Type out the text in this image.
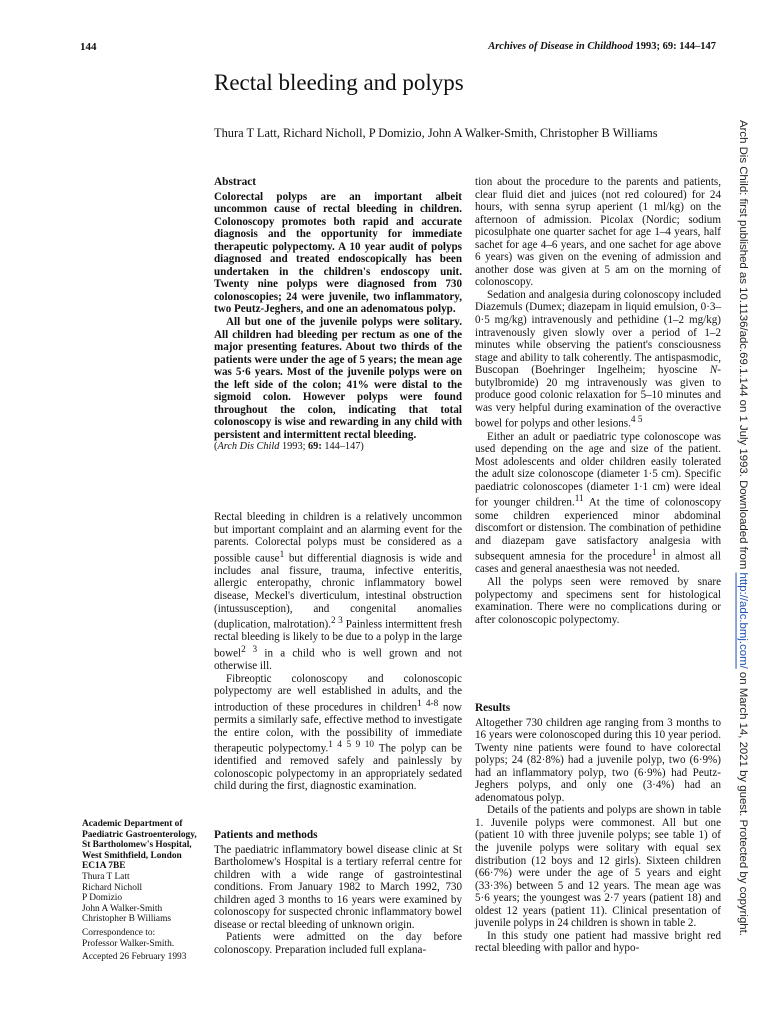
144	Archives of Disease in Childhood 1993; 69: 144–147
Rectal bleeding and polyps
Thura T Latt, Richard Nicholl, P Domizio, John A Walker-Smith, Christopher B Williams
Abstract

Colorectal polyps are an important albeit uncommon cause of rectal bleeding in children. Colonoscopy promotes both rapid and accurate diagnosis and the opportunity for immediate therapeutic polypectomy. A 10 year audit of polyps diagnosed and treated endoscopically has been undertaken in the children's endoscopy unit. Twenty nine polyps were diagnosed from 730 colonoscopies; 24 were juvenile, two inflammatory, two Peutz-Jeghers, and one an adenomatous polyp.

All but one of the juvenile polyps were solitary. All children had bleeding per rectum as one of the major presenting features. About two thirds of the patients were under the age of 5 years; the mean age was 5·6 years. Most of the juvenile polyps were on the left side of the colon; 41% were distal to the sigmoid colon. However polyps were found throughout the colon, indicating that total colonoscopy is wise and rewarding in any child with persistent and intermittent rectal bleeding.

(Arch Dis Child 1993; 69: 144–147)

Rectal bleeding in children is a relatively uncommon but important complaint and an alarming event for the parents. Colorectal polyps must be considered as a possible cause$^1$ but differential diagnosis is wide and includes anal fissure, trauma, infective enteritis, allergic enteropathy, chronic inflammatory bowel disease, Meckel's diverticulum, intestinal obstruction (intussusception), and congenital anomalies (duplication, malrotation).$^{2 3}$ Painless intermittent fresh rectal bleeding is likely to be due to a polyp in the large bowel$^{2 3}$ in a child who is well grown and not otherwise ill.

Fibreoptic colonoscopy and colonoscopic polypectomy are well established in adults, and the introduction of these procedures in children$^{1 4-8}$ now permits a similarly safe, effective method to investigate the entire colon, with the possibility of immediate therapeutic polypectomy.$^{1 4 5 9 10}$ The polyp can be identified and removed safely and painlessly by colonoscopic polypectomy in an appropriately sedated child during the first, diagnostic examination.

Patients and methods

The paediatric inflammatory bowel disease clinic at St Bartholomew's Hospital is a tertiary referral centre for children with a wide range of gastrointestinal conditions. From January 1982 to March 1992, 730 children aged 3 months to 16 years were examined by colonoscopy for suspected chronic inflammatory bowel disease or rectal bleeding of unknown origin.

Patients were admitted on the day before colonoscopy. Preparation included full explana-

tion about the procedure to the parents and patients, clear fluid diet and juices (not red coloured) for 24 hours, with senna syrup aperient (1 ml/kg) on the afternoon of admission. Picolax (Nordic; sodium picosulphate one quarter sachet for age 1–4 years, half sachet for age 4–6 years, and one sachet for age above 6 years) was given on the evening of admission and another dose was given at 5 am on the morning of colonoscopy.

Sedation and analgesia during colonoscopy included Diazemuls (Dumex; diazepam in liquid emulsion, 0·3–0·5 mg/kg) intravenously and pethidine (1–2 mg/kg) intravenously given slowly over a period of 1–2 minutes while observing the patient's consciousness stage and ability to talk coherently. The antispasmodic, Buscopan (Boehringer Ingelheim; hyoscine N-butylbromide) 20 mg intravenously was given to produce good colonic relaxation for 5–10 minutes and was very helpful during examination of the overactive bowel for polyps and other lesions.$^{4 5}$

Either an adult or paediatric type colonoscope was used depending on the age and size of the patient. Most adolescents and older children easily tolerated the adult size colonoscope (diameter 1·5 cm). Specific paediatric colonoscopes (diameter 1·1 cm) were ideal for younger children.$^{11}$ At the time of colonoscopy some children experienced minor abdominal discomfort or distension. The combination of pethidine and diazepam gave satisfactory analgesia with subsequent amnesia for the procedure$^1$ in almost all cases and general anaesthesia was not needed.

All the polyps seen were removed by snare polypectomy and specimens sent for histological examination. There were no complications during or after colonoscopic polypectomy.

Results

Altogether 730 children age ranging from 3 months to 16 years were colonoscoped during this 10 year period. Twenty nine patients were found to have colorectal polyps; 24 (82·8%) had a juvenile polyp, two (6·9%) had an inflammatory polyp, two (6·9%) had Peutz-Jeghers polyps, and only one (3·4%) had an adenomatous polyp.

Details of the patients and polyps are shown in table 1. Juvenile polyps were commonest. All but one (patient 10 with three juvenile polyps; see table 1) of the juvenile polyps were solitary with equal sex distribution (12 boys and 12 girls). Sixteen children (66·7%) were under the age of 5 years and eight (33·3%) between 5 and 12 years. The mean age was 5·6 years; the youngest was 2·7 years (patient 18) and oldest 12 years (patient 11). Clinical presentation of juvenile polyps in 24 children is shown in table 2.

In this study one patient had massive bright red rectal bleeding with pallor and hypo-

Academic Department of Paediatric Gastroenterology, St Bartholomew's Hospital, West Smithfield, London EC1A 7BE
Thura T Latt
Richard Nicholl
P Domizio
John A Walker-Smith
Christopher B Williams
Correspondence to:
Professor Walker-Smith.
Accepted 26 February 1993
Arch Dis Child: first published as 10.1136/adc.69.1.144 on 1 July 1993. Downloaded from http://adc.bmj.com/ on March 14, 2021 by guest. Protected by copyright.
